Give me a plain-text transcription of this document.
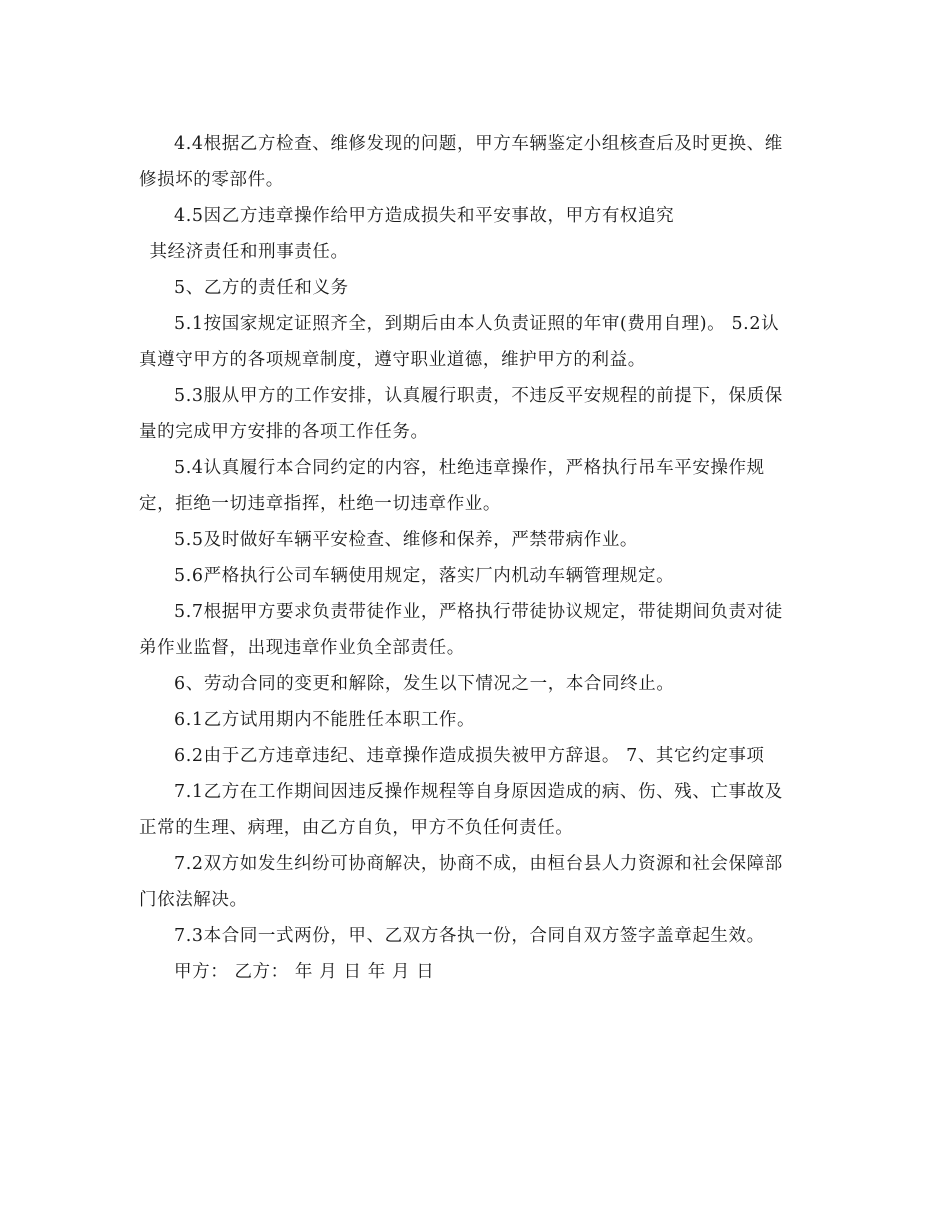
4.4根据乙方检查、维修发现的问题，甲方车辆鉴定小组核查后及时更换、维
修损坏的零部件。
4.5因乙方违章操作给甲方造成损失和平安事故，甲方有权追究
其经济责任和刑事责任。
5、乙方的责任和义务
5.1按国家规定证照齐全，到期后由本人负责证照的年审(费用自理)。 5.2认
真遵守甲方的各项规章制度，遵守职业道德，维护甲方的利益。
5.3服从甲方的工作安排，认真履行职责，不违反平安规程的前提下，保质保
量的完成甲方安排的各项工作任务。
5.4认真履行本合同约定的内容，杜绝违章操作，严格执行吊车平安操作规
定，拒绝一切违章指挥，杜绝一切违章作业。
5.5及时做好车辆平安检查、维修和保养，严禁带病作业。
5.6严格执行公司车辆使用规定，落实厂内机动车辆管理规定。
5.7根据甲方要求负责带徒作业，严格执行带徒协议规定，带徒期间负责对徒
弟作业监督，出现违章作业负全部责任。
6、劳动合同的变更和解除，发生以下情况之一，本合同终止。
6.1乙方试用期内不能胜任本职工作。
6.2由于乙方违章违纪、违章操作造成损失被甲方辞退。 7、其它约定事项
7.1乙方在工作期间因违反操作规程等自身原因造成的病、伤、残、亡事故及
正常的生理、病理，由乙方自负，甲方不负任何责任。
7.2双方如发生纠纷可协商解决，协商不成，由桓台县人力资源和社会保障部
门依法解决。
7.3本合同一式两份，甲、乙双方各执一份，合同自双方签字盖章起生效。
甲方： 乙方： 年 月 日 年 月 日
